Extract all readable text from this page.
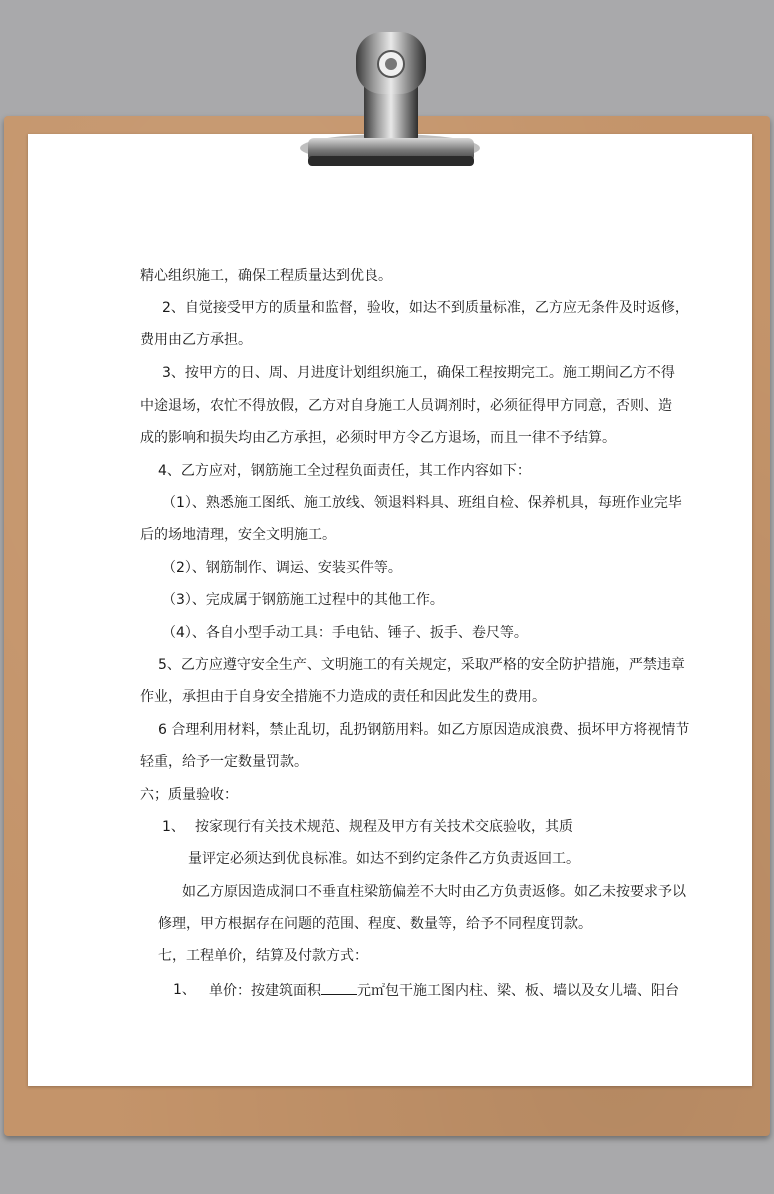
精心组织施工，确保工程质量达到优良。
2、自觉接受甲方的质量和监督，验收，如达不到质量标准，乙方应无条件及时返修，
费用由乙方承担。
3、按甲方的日、周、月进度计划组织施工，确保工程按期完工。施工期间乙方不得
中途退场，农忙不得放假，乙方对自身施工人员调剂时，必须征得甲方同意，否则、造
成的影响和损失均由乙方承担，必须时甲方令乙方退场，而且一律不予结算。
4、乙方应对，钢筋施工全过程负面责任，其工作内容如下：
（1）、熟悉施工图纸、施工放线、领退料料具、班组自检、保养机具，每班作业完毕
后的场地清理，安全文明施工。
（2）、钢筋制作、调运、安装买件等。
（3）、完成属于钢筋施工过程中的其他工作。
（4）、各自小型手动工具：手电钻、锤子、扳手、卷尺等。
5、乙方应遵守安全生产、文明施工的有关规定，采取严格的安全防护措施，严禁违章
作业，承担由于自身安全措施不力造成的责任和因此发生的费用。
6 合理利用材料，禁止乱切，乱扔钢筋用料。如乙方原因造成浪费、损坏甲方将视情节
轻重，给予一定数量罚款。
六；质量验收：
1、 按家现行有关技术规范、规程及甲方有关技术交底验收，其质
量评定必须达到优良标准。如达不到约定条件乙方负责返回工。
如乙方原因造成洞口不垂直柱梁筋偏差不大时由乙方负责返修。如乙未按要求予以
修理，甲方根据存在问题的范围、程度、数量等，给予不同程度罚款。
七，工程单价，结算及付款方式：
1、 单价：按建筑面积	元㎡包干施工图内柱、梁、板、墙以及女儿墙、阳台
